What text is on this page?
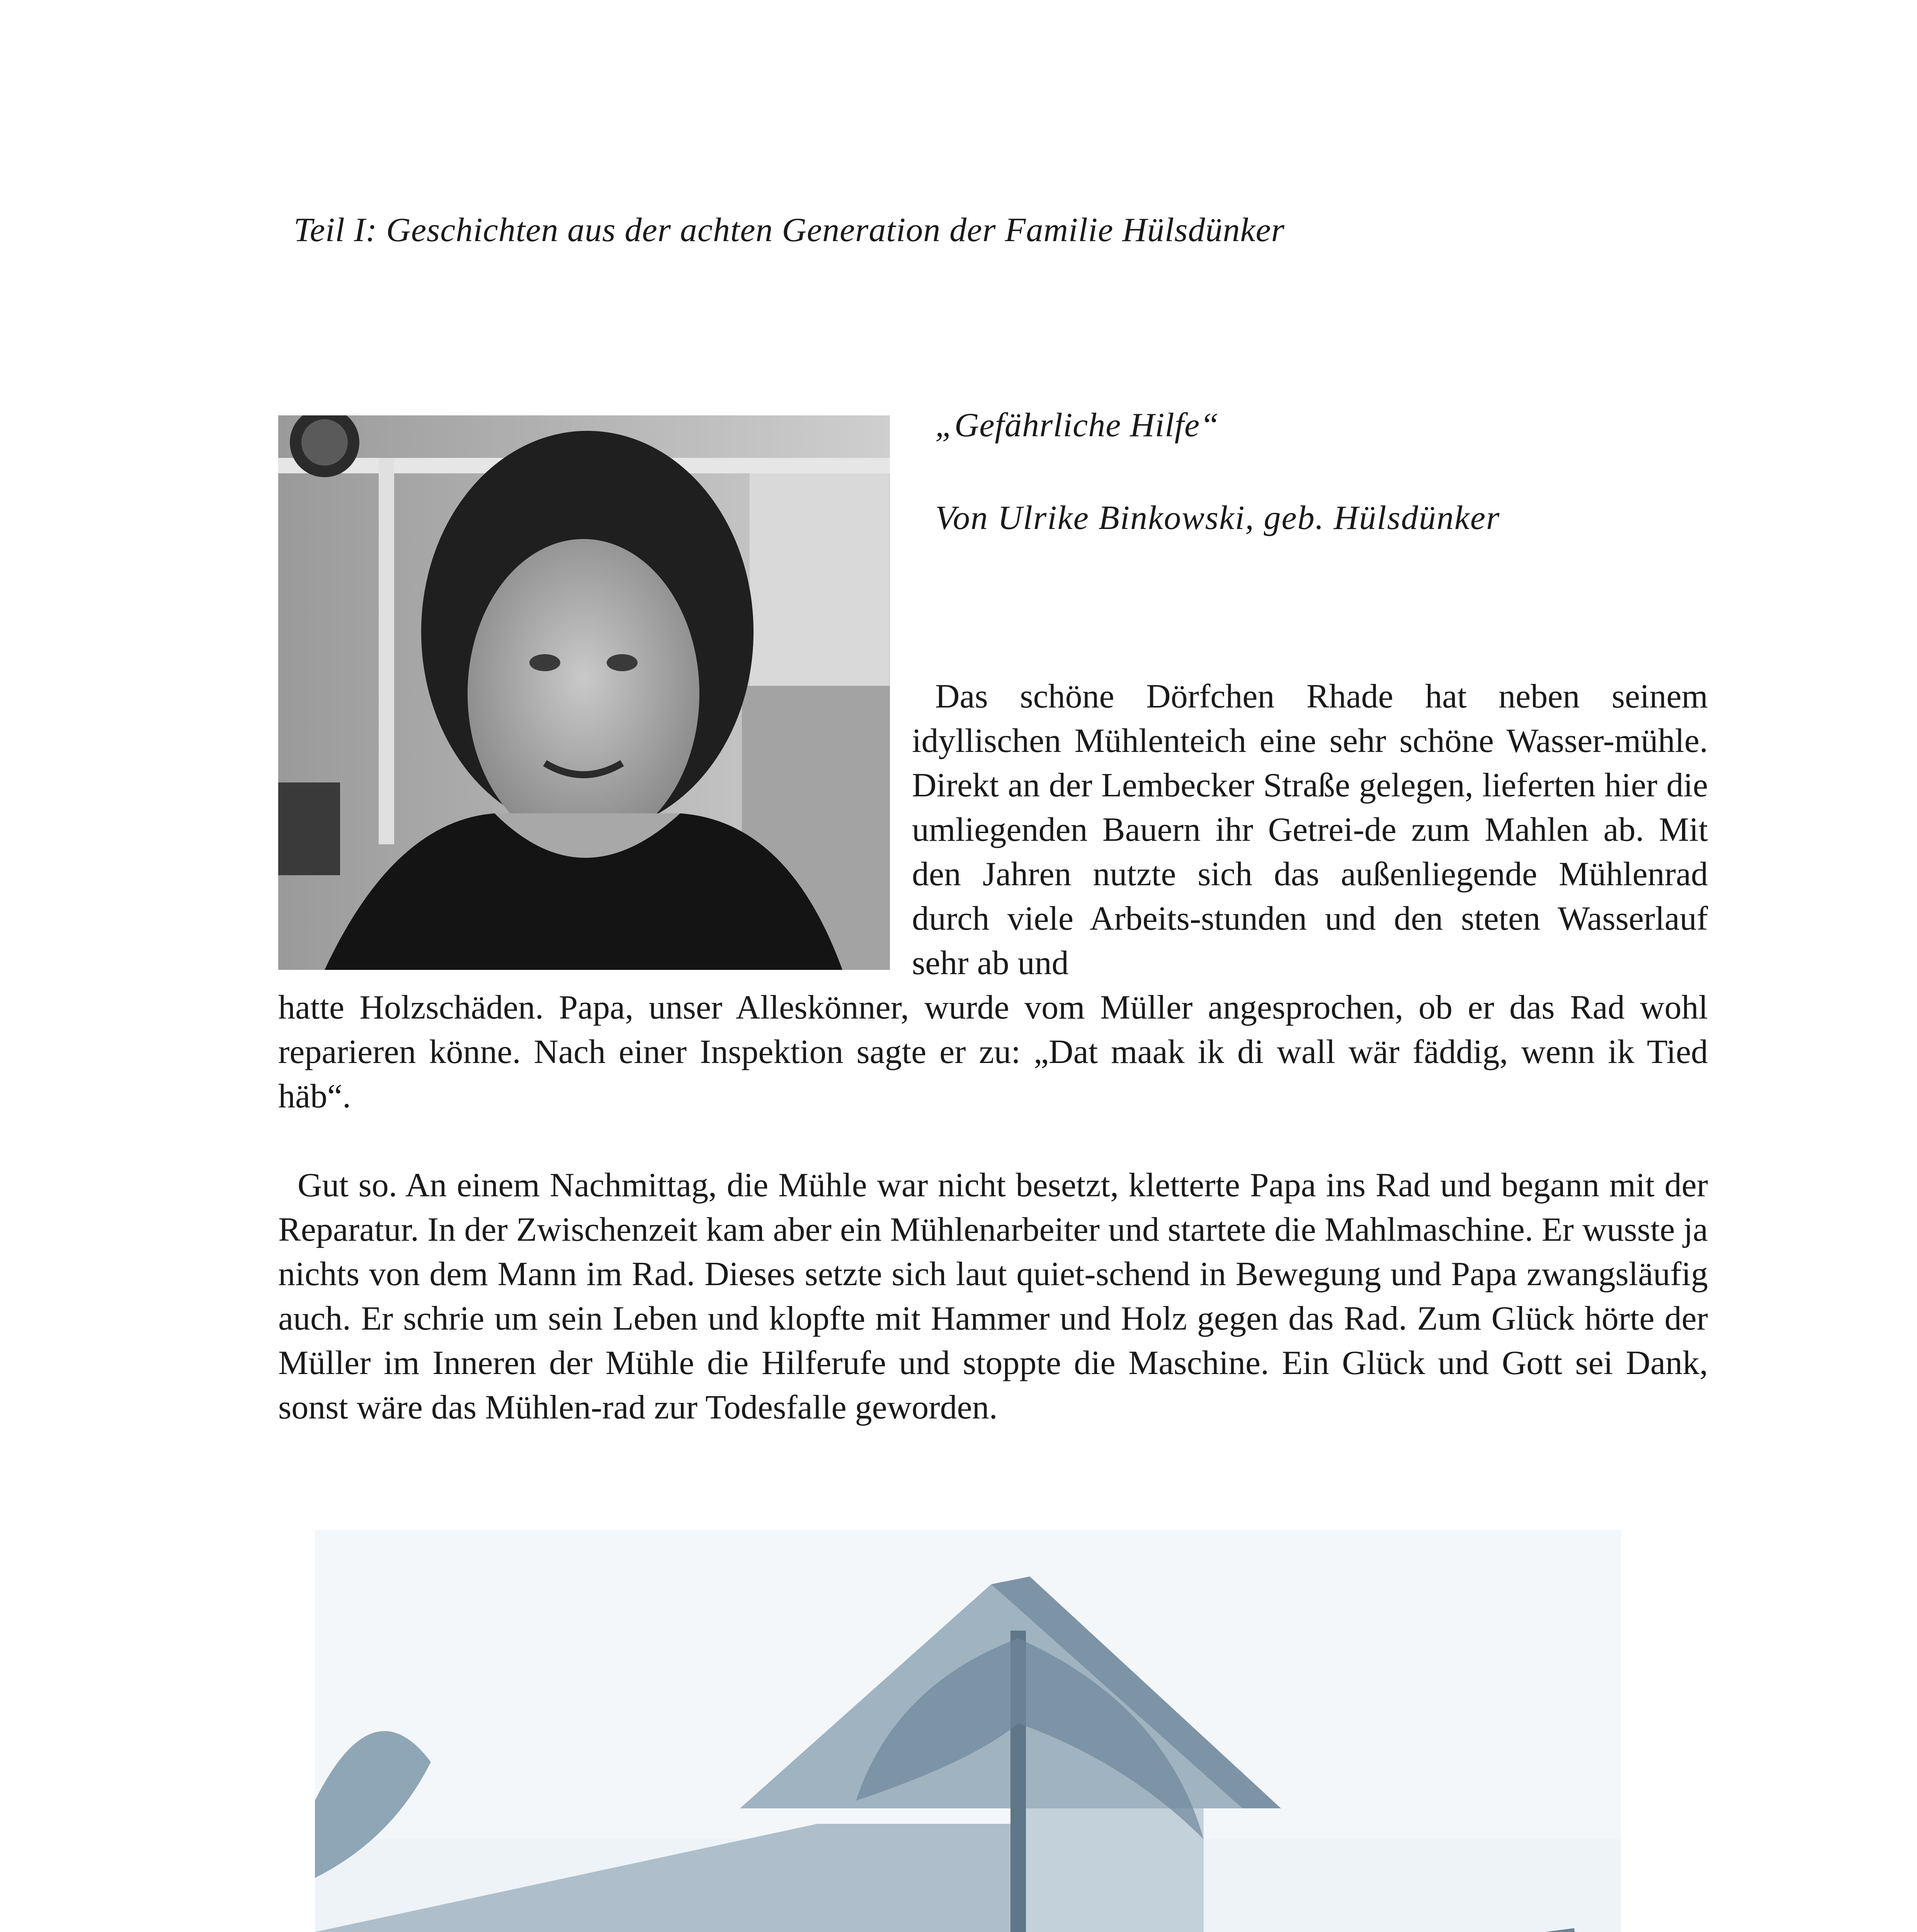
Teil I: Geschichten aus der achten Generation der Familie Hülsdünker
„Gefährliche Hilfe“
Von Ulrike Binkowski, geb. Hülsdünker

Das schöne Dörfchen Rhade hat neben seinem idyllischen Mühlenteich eine sehr schöne Wasser-mühle. Direkt an der Lembecker Straße gelegen, lieferten hier die umliegenden Bauern ihr Getrei-de zum Mahlen ab. Mit den Jahren nutzte sich das außenliegende Mühlenrad durch viele Arbeits-stunden und den steten Wasserlauf sehr ab und

hatte Holzschäden. Papa, unser Alleskönner, wurde vom Müller angesprochen, ob er das Rad wohl reparieren könne. Nach einer Inspektion sagte er zu: „Dat maak ik di wall wär fäddig, wenn ik Tied häb“.

Gut so. An einem Nachmittag, die Mühle war nicht besetzt, kletterte Papa ins Rad und begann mit der Reparatur. In der Zwischenzeit kam aber ein Mühlenarbeiter und startete die Mahlmaschine. Er wusste ja nichts von dem Mann im Rad. Dieses setzte sich laut quiet-schend in Bewegung und Papa zwangsläufig auch. Er schrie um sein Leben und klopfte mit Hammer und Holz gegen das Rad. Zum Glück hörte der Müller im Inneren der Mühle die Hilferufe und stoppte die Maschine. Ein Glück und Gott sei Dank, sonst wäre das Mühlen-rad zur Todesfalle geworden.
